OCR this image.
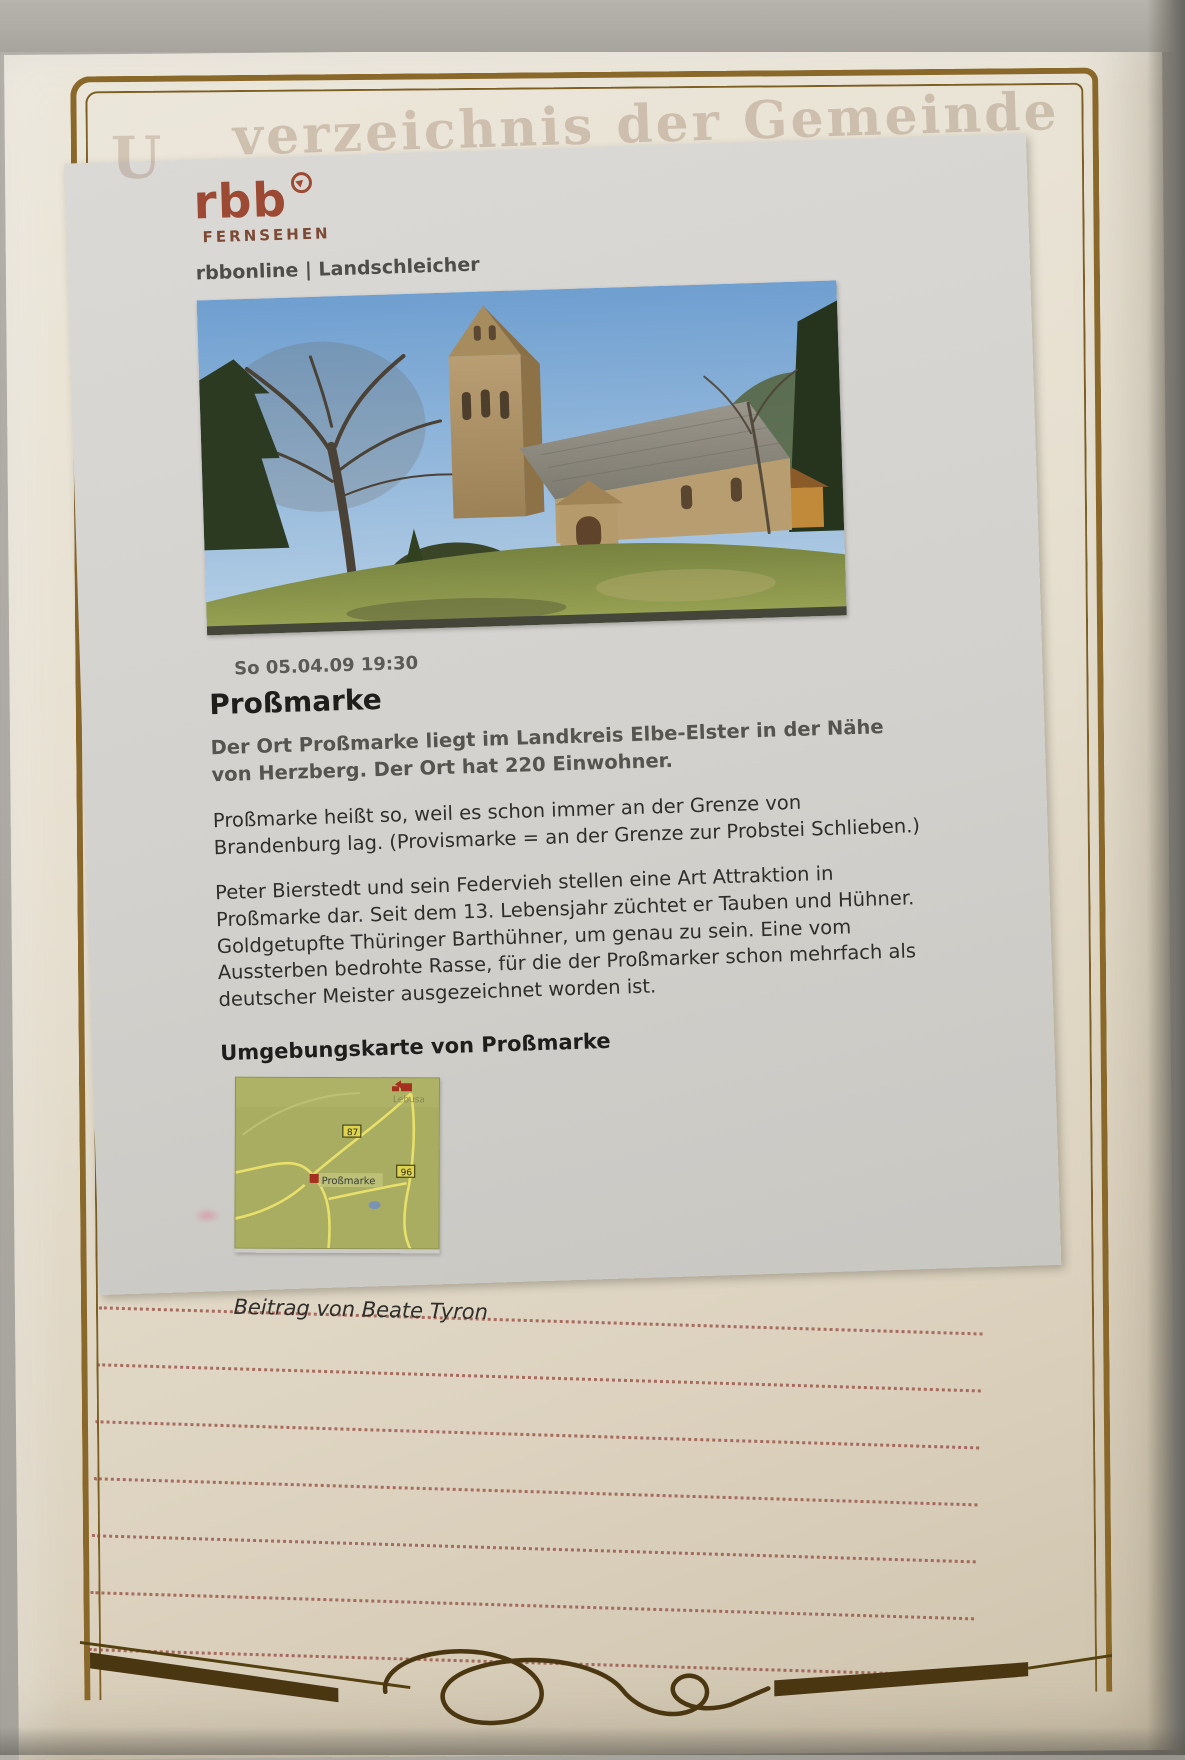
U verzeichnis der Gemeinde
rbb
FERNSEHEN
rbbonline | Landschleicher
So 05.04.09 19:30
Proßmarke
Der Ort Proßmarke liegt im Landkreis Elbe-Elster in der Nähe von Herzberg. Der Ort hat 220 Einwohner.
Proßmarke heißt so, weil es schon immer an der Grenze von Brandenburg lag. (Provismarke = an der Grenze zur Probstei Schlieben.)
Peter Bierstedt und sein Federvieh stellen eine Art Attraktion in Proßmarke dar. Seit dem 13. Lebensjahr züchtet er Tauben und Hühner. Goldgetupfte Thüringer Barthühner, um genau zu sein. Eine vom Aussterben bedrohte Rasse, für die der Proßmarker schon mehrfach als deutscher Meister ausgezeichnet worden ist.
Umgebungskarte von Proßmarke
Lebusa
87
96
Proßmarke
Beitrag von Beate Tyron
